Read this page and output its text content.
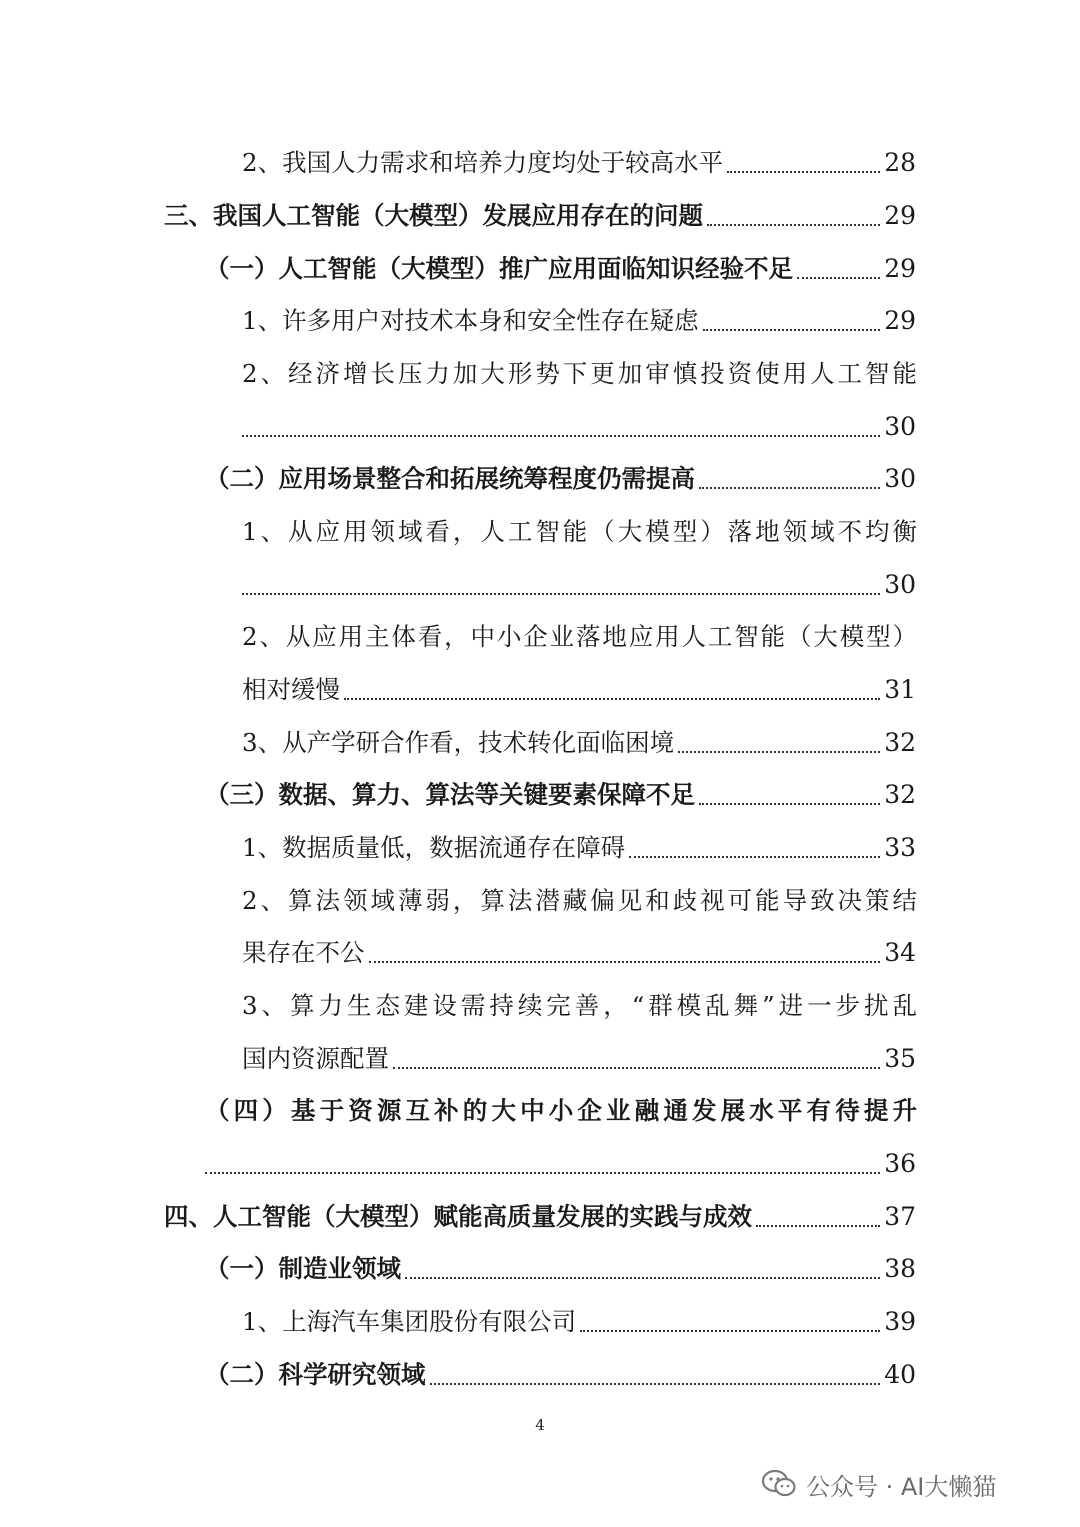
2、我国人力需求和培养力度均处于较高水平	28
三、我国人工智能（大模型）发展应用存在的问题	29
（一）人工智能（大模型）推广应用面临知识经验不足	29
1、许多用户对技术本身和安全性存在疑虑	29
2、经济增长压力加大形势下更加审慎投资使用人工智能
30
（二）应用场景整合和拓展统筹程度仍需提高	30
1、从应用领域看，人工智能（大模型）落地领域不均衡
30
2、从应用主体看，中小企业落地应用人工智能（大模型）
相对缓慢	31
3、从产学研合作看，技术转化面临困境	32
（三）数据、算力、算法等关键要素保障不足	32
1、数据质量低，数据流通存在障碍	33
2、算法领域薄弱，算法潜藏偏见和歧视可能导致决策结
果存在不公	34
3、算力生态建设需持续完善，“群模乱舞”进一步扰乱
国内资源配置	35
（四）基于资源互补的大中小企业融通发展水平有待提升
36
四、人工智能（大模型）赋能高质量发展的实践与成效	37
（一）制造业领域	38
1、上海汽车集团股份有限公司	39
（二）科学研究领域	40
4
公众号 · AI大懒猫
